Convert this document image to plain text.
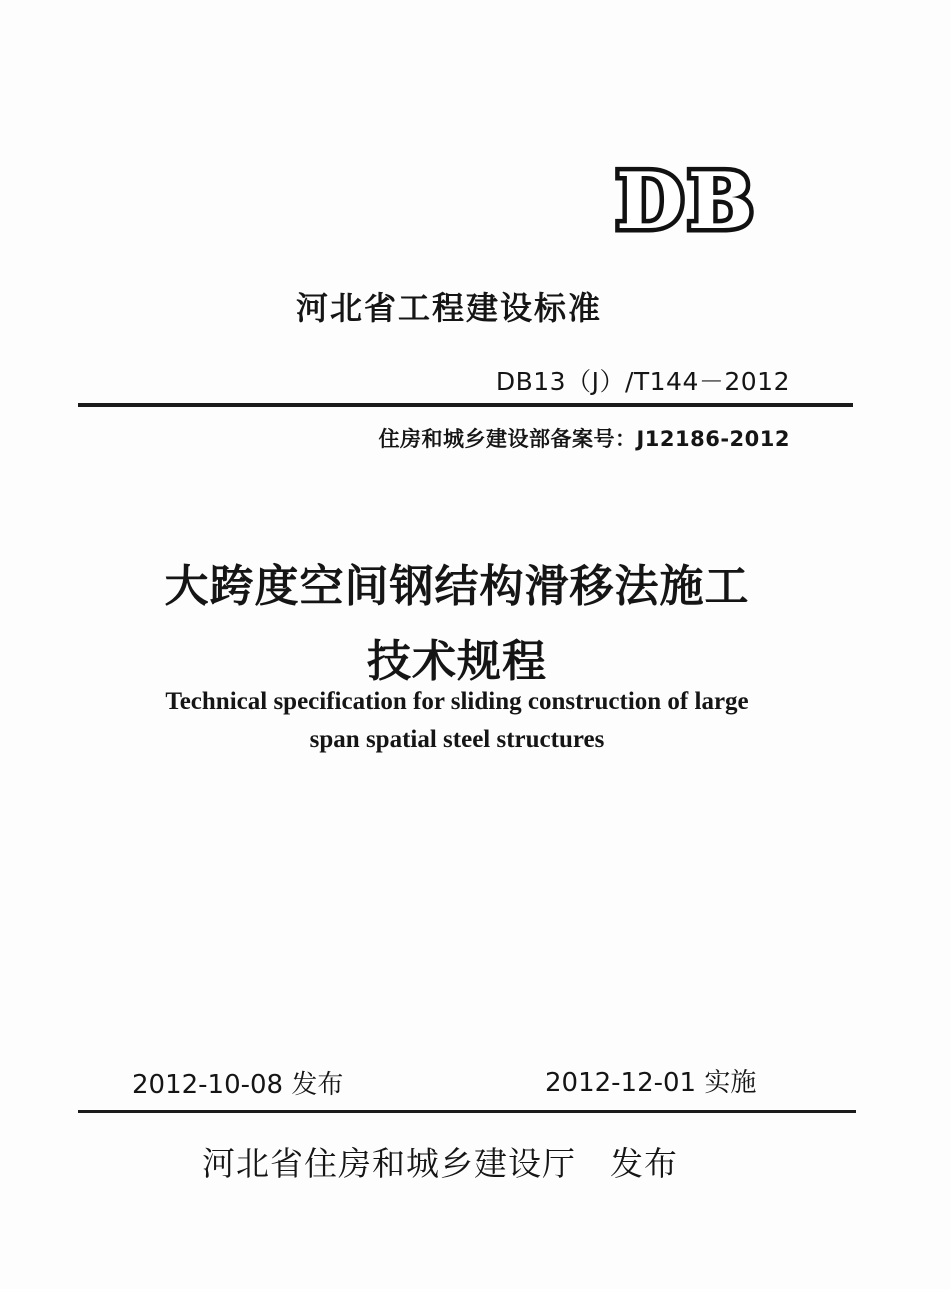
DB
河北省工程建设标准
DB13（J）/T144－2012
住房和城乡建设部备案号：J12186-2012
大跨度空间钢结构滑移法施工
技术规程
Technical specification for sliding construction of large
span spatial steel structures
2012-10-08 发布	2012-12-01 实施
河北省住房和城乡建设厅 发布
